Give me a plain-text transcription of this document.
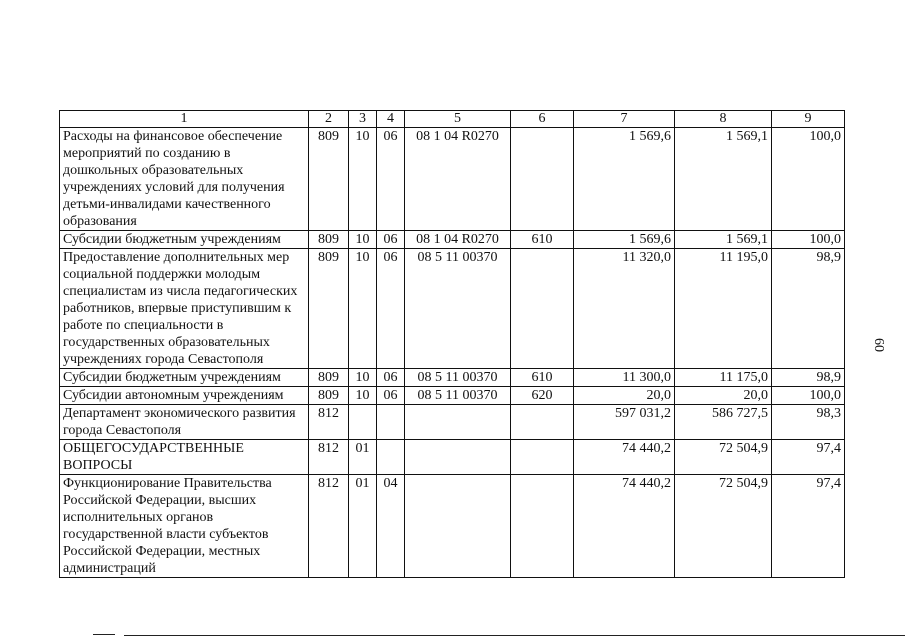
1	2	3	4	5	6	7	8	9
Расходы на финансовое обеспечение мероприятий по созданию в дошкольных образовательных учреждениях условий для получения детьми-инвалидами качественного образования	809	10	06	08 1 04 R0270		1 569,6	1 569,1	100,0
Субсидии бюджетным учреждениям	809	10	06	08 1 04 R0270	610	1 569,6	1 569,1	100,0
Предоставление дополнительных мер социальной поддержки молодым специалистам из числа педагогических работников, впервые приступившим к работе по специальности в государственных образовательных учреждениях города Севастополя	809	10	06	08 5 11 00370		11 320,0	11 195,0	98,9
Субсидии бюджетным учреждениям	809	10	06	08 5 11 00370	610	11 300,0	11 175,0	98,9
Субсидии автономным учреждениям	809	10	06	08 5 11 00370	620	20,0	20,0	100,0
Департамент экономического развития города Севастополя	812					597 031,2	586 727,5	98,3
ОБЩЕГОСУДАРСТВЕННЫЕ ВОПРОСЫ	812	01				74 440,2	72 504,9	97,4
Функционирование Правительства Российской Федерации, высших исполнительных органов государственной власти субъектов Российской Федерации, местных администраций	812	01	04			74 440,2	72 504,9	97,4
60
